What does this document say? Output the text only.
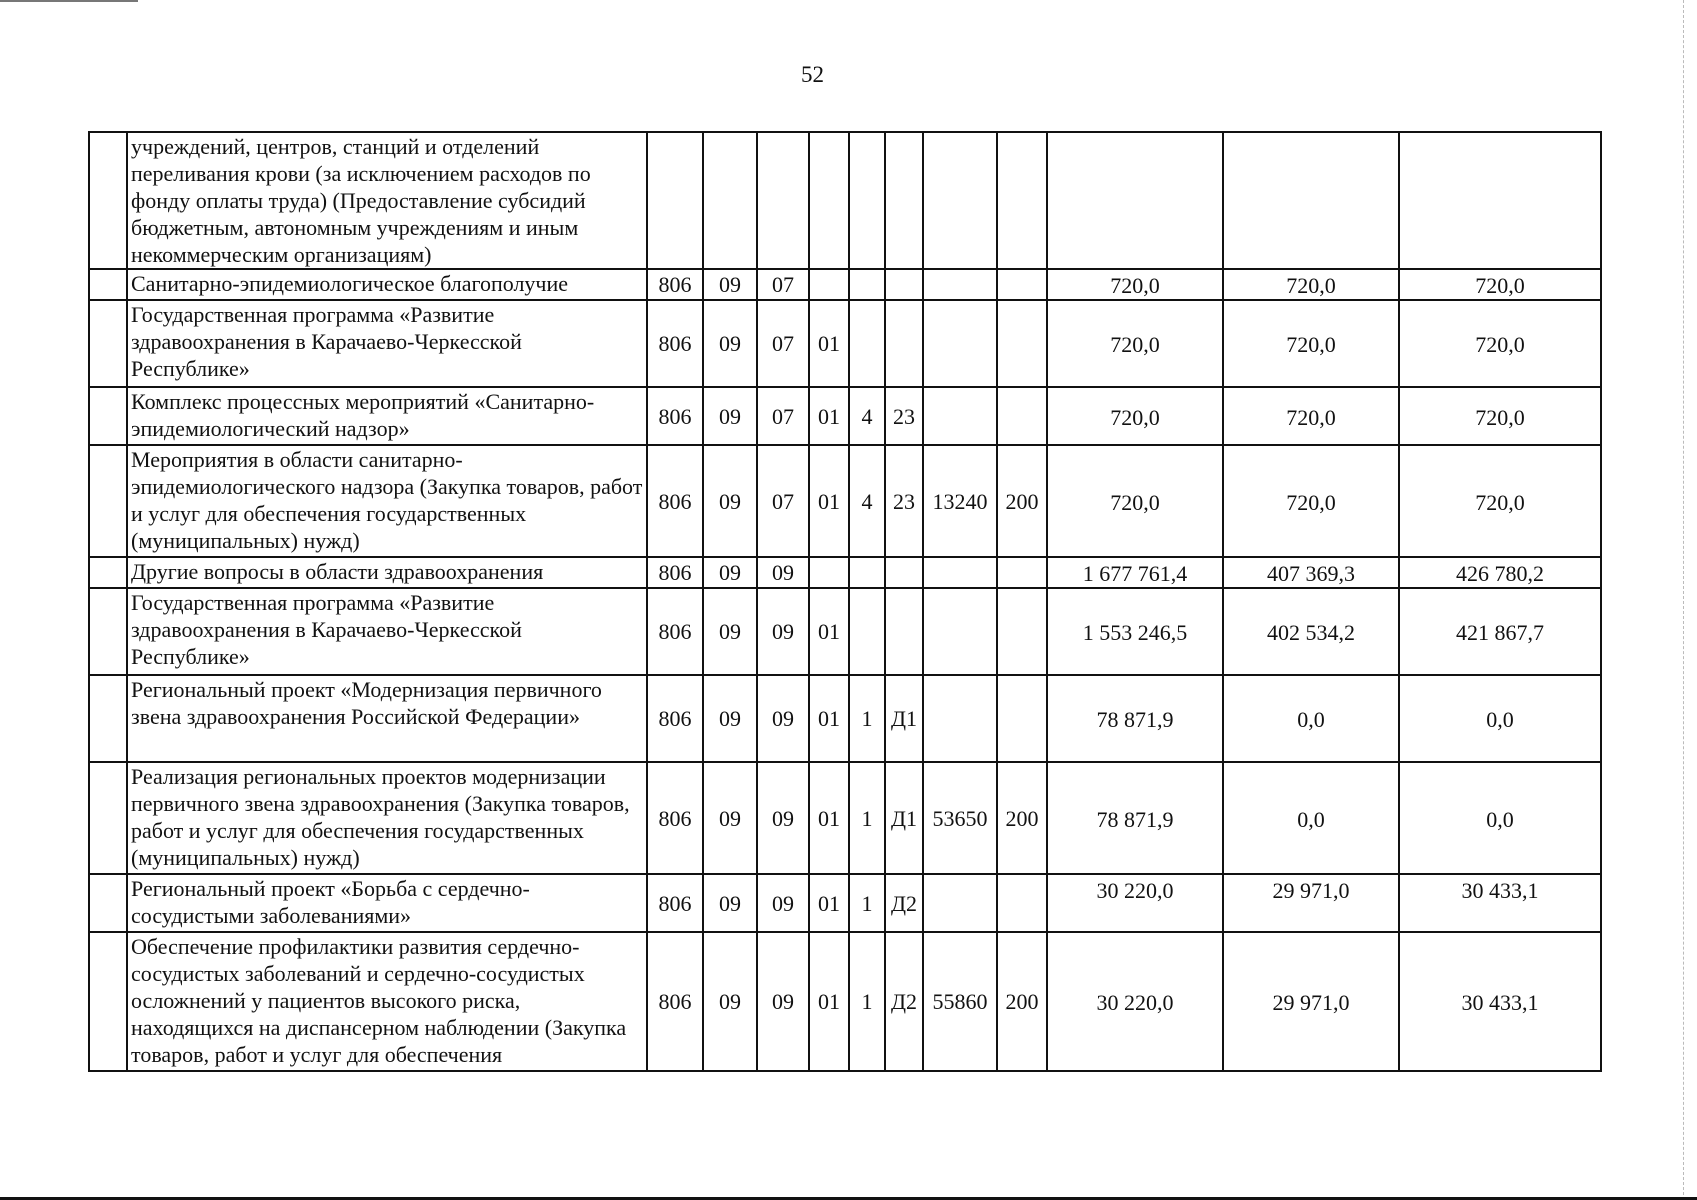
52
	учреждений, центров, станций и отделений переливания крови (за исключением расходов по фонду оплаты труда) (Предоставление субсидий бюджетным, автономным учреждениям и иным некоммерческим организациям)											
	Санитарно-эпидемиологическое благополучие	806	09	07						720,0	720,0	720,0
	Государственная программа «Развитие здравоохранения в Карачаево-Черкесской Республике»	806	09	07	01					720,0	720,0	720,0
	Комплекс процессных мероприятий «Санитарно-эпидемиологический надзор»	806	09	07	01	4	23			720,0	720,0	720,0
	Мероприятия в области санитарно-эпидемиологического надзора (Закупка товаров, работ и услуг для обеспечения государственных (муниципальных) нужд)	806	09	07	01	4	23	13240	200	720,0	720,0	720,0
	Другие вопросы в области здравоохранения	806	09	09						1 677 761,4	407 369,3	426 780,2
	Государственная программа «Развитие здравоохранения в Карачаево-Черкесской Республике»	806	09	09	01					1 553 246,5	402 534,2	421 867,7
	Региональный проект «Модернизация первичного звена здравоохранения Российской Федерации»	806	09	09	01	1	Д1			78 871,9	0,0	0,0
	Реализация региональных проектов модернизации первичного звена здравоохранения (Закупка товаров, работ и услуг для обеспечения государственных (муниципальных) нужд)	806	09	09	01	1	Д1	53650	200	78 871,9	0,0	0,0
	Региональный проект «Борьба с сердечно-сосудистыми заболеваниями»	806	09	09	01	1	Д2			30 220,0	29 971,0	30 433,1
	Обеспечение профилактики развития сердечно-сосудистых заболеваний и сердечно-сосудистых осложнений у пациентов высокого риска, находящихся на диспансерном наблюдении (Закупка товаров, работ и услуг для обеспечения	806	09	09	01	1	Д2	55860	200	30 220,0	29 971,0	30 433,1
